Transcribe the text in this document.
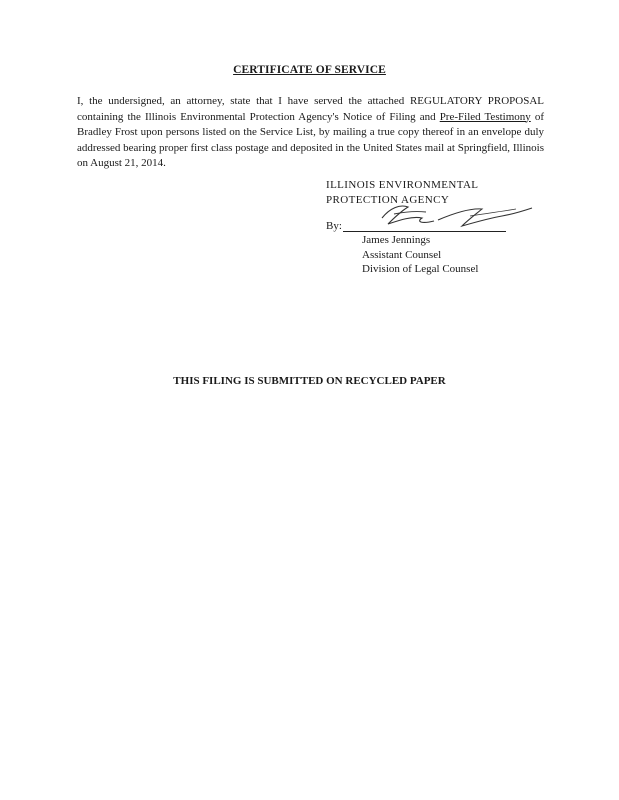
CERTIFICATE OF SERVICE
I, the undersigned, an attorney, state that I have served the attached REGULATORY PROPOSAL containing the Illinois Environmental Protection Agency's Notice of Filing and Pre-Filed Testimony of Bradley Frost upon persons listed on the Service List, by mailing a true copy thereof in an envelope duly addressed bearing proper first class postage and deposited in the United States mail at Springfield, Illinois on August 21, 2014.
ILLINOIS ENVIRONMENTAL
PROTECTION AGENCY
By:
James Jennings
Assistant Counsel
Division of Legal Counsel
THIS FILING IS SUBMITTED ON RECYCLED PAPER
